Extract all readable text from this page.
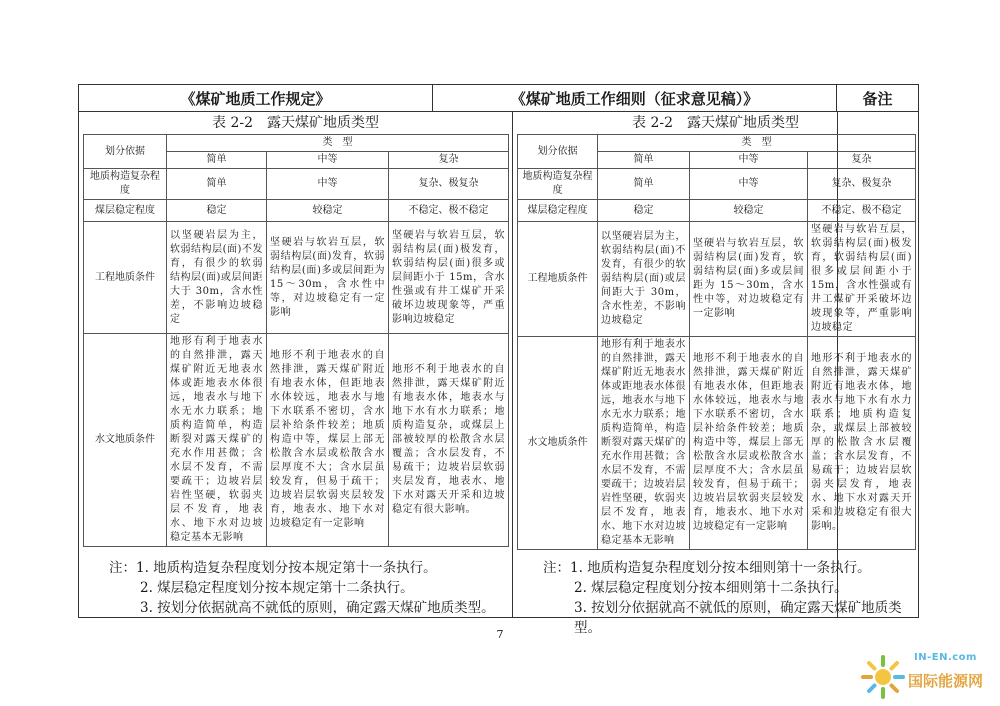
《煤矿地质工作规定》	《煤矿地质工作细则（征求意见稿）》	备注
表 2-2　露天煤矿地质类型
划分依据	类　型		
	简单	中等	复杂
地质构造复杂程度	简单	中等	复杂、极复杂
煤层稳定程度	稳定	较稳定	不稳定、极不稳定
工程地质条件	以坚硬岩层为主，软弱结构层(面)不发育，有很少的软弱结构层(面)或层间距大于 30m，含水性差，不影响边坡稳定	坚硬岩与软岩互层，软弱结构层(面)发育，软弱结构层(面)多或层间距为 15～30m，含水性中等，对边坡稳定有一定影响	坚硬岩与软岩互层，软弱结构层(面)极发育，软弱结构层(面)很多或层间距小于 15m，含水性强或有井工煤矿开采破坏边坡现象等，严重影响边坡稳定
水文地质条件	地形有利于地表水的自然排泄，露天煤矿附近无地表水体或距地表水体很远，地表水与地下水无水力联系；地质构造简单，构造断裂对露天煤矿的充水作用甚微；含水层不发育，不需要疏干；边坡岩层岩性坚硬，软弱夹层不发育，地表水、地下水对边坡稳定基本无影响	地形不利于地表水的自然排泄，露天煤矿附近有地表水体，但距地表水体较远，地表水与地下水联系不密切，含水层补给条件较差；地质构造中等，煤层上部无松散含水层或松散含水层厚度不大；含水层虽较发育，但易于疏干；边坡岩层软弱夹层较发育，地表水、地下水对边坡稳定有一定影响	地形不利于地表水的自然排泄，露天煤矿附近有地表水体，地表水与地下水有水力联系；地质构造复杂，或煤层上部被较厚的松散含水层覆盖；含水层发育，不易疏干；边坡岩层软弱夹层发育，地表水、地下水对露天开采和边坡稳定有很大影响。
注：1. 地质构造复杂程度划分按本规定第十一条执行。
2. 煤层稳定程度划分按本规定第十二条执行。
3. 按划分依据就高不就低的原则，确定露天煤矿地质类型。
表 2-2　露天煤矿地质类型
划分依据	类　型		
	简单	中等	复杂
地质构造复杂程度	简单	中等	复杂、极复杂
煤层稳定程度	稳定	较稳定	不稳定、极不稳定
工程地质条件	以坚硬岩层为主，软弱结构层(面)不发育，有很少的软弱结构层(面)或层间距大于 30m，含水性差，不影响边坡稳定	坚硬岩与软岩互层，软弱结构层(面)发育，软弱结构层(面)多或层间距为 15～30m，含水性中等，对边坡稳定有一定影响	坚硬岩与软岩互层，软弱结构层(面)极发育，软弱结构层(面)很多或层间距小于 15m，含水性强或有井工煤矿开采破坏边坡现象等，严重影响边坡稳定
水文地质条件	地形有利于地表水的自然排泄，露天煤矿附近无地表水体或距地表水体很远，地表水与地下水无水力联系；地质构造简单，构造断裂对露天煤矿的充水作用甚微；含水层不发育，不需要疏干；边坡岩层岩性坚硬，软弱夹层不发育，地表水、地下水对边坡稳定基本无影响	地形不利于地表水的自然排泄，露天煤矿附近有地表水体，但距地表水体较远，地表水与地下水联系不密切，含水层补给条件较差；地质构造中等，煤层上部无松散含水层或松散含水层厚度不大；含水层虽较发育，但易于疏干；边坡岩层软弱夹层较发育，地表水、地下水对边坡稳定有一定影响	地形不利于地表水的自然排泄，露天煤矿附近有地表水体，地表水与地下水有水力联系；地质构造复杂，或煤层上部被较厚的松散含水层覆盖；含水层发育，不易疏干；边坡岩层软弱夹层发育，地表水、地下水对露天开采和边坡稳定有很大影响。
注：1. 地质构造复杂程度划分按本细则第十一条执行。
2. 煤层稳定程度划分按本细则第十二条执行。
3. 按划分依据就高不就低的原则，确定露天煤矿地质类型。
7
IN-EN.com
国际能源网
